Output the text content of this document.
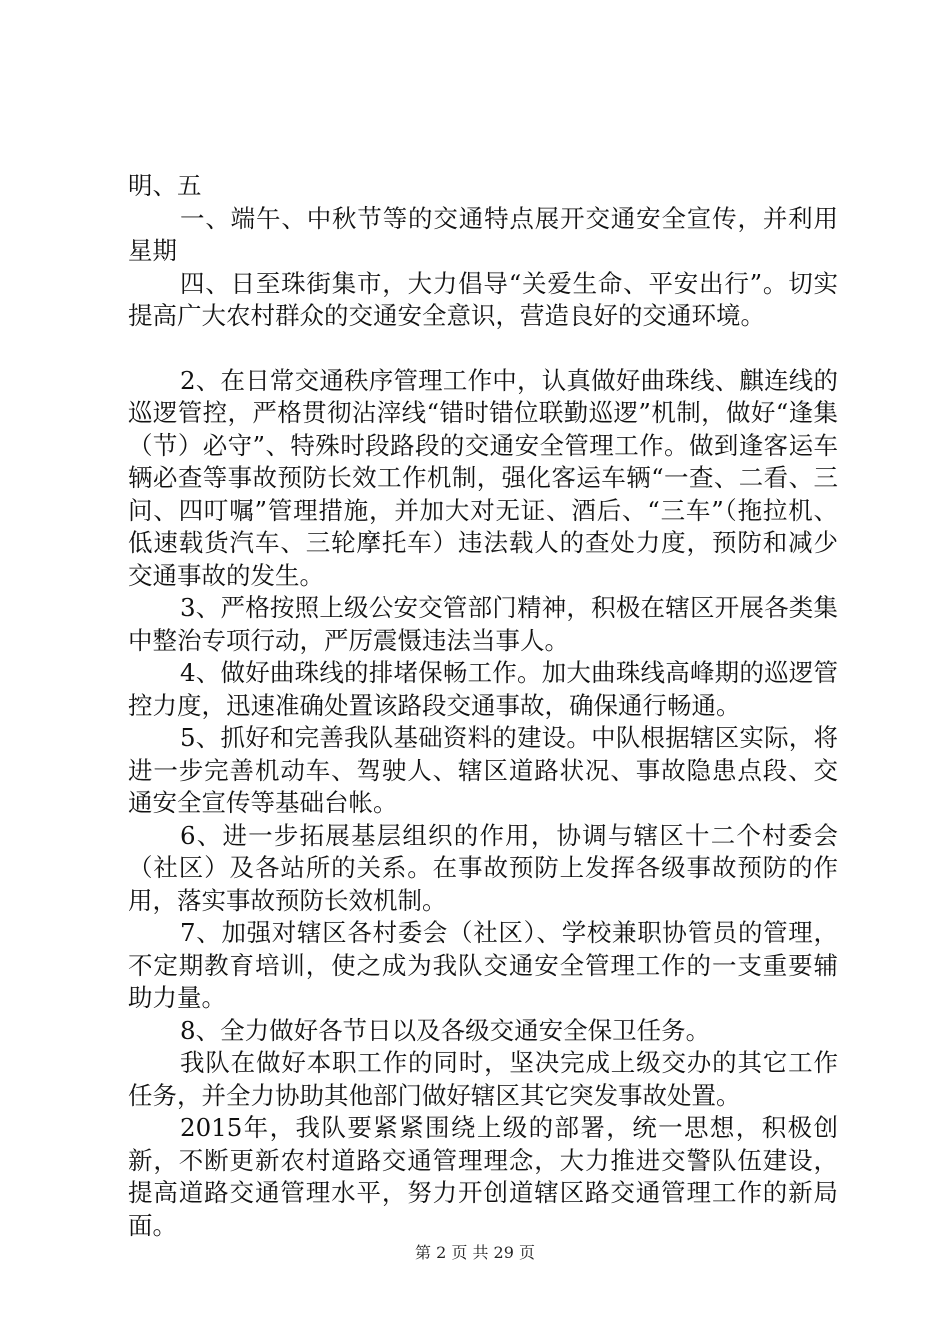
明、五

一、端午、中秋节等的交通特点展开交通安全宣传，并利用星期

四、日至珠街集市，大力倡导“关爱生命、平安出行”。切实提高广大农村群众的交通安全意识，营造良好的交通环境。

2、在日常交通秩序管理工作中，认真做好曲珠线、麒连线的巡逻管控，严格贯彻沾滓线“错时错位联勤巡逻”机制，做好“逢集（节）必守”、特殊时段路段的交通安全管理工作。做到逢客运车辆必查等事故预防长效工作机制，强化客运车辆“一查、二看、三问、四叮嘱”管理措施，并加大对无证、酒后、“三车”（拖拉机、低速载货汽车、三轮摩托车）违法载人的查处力度，预防和减少交通事故的发生。

3、严格按照上级公安交管部门精神，积极在辖区开展各类集中整治专项行动，严厉震慑违法当事人。

4、做好曲珠线的排堵保畅工作。加大曲珠线高峰期的巡逻管控力度，迅速准确处置该路段交通事故，确保通行畅通。

5、抓好和完善我队基础资料的建设。中队根据辖区实际，将进一步完善机动车、驾驶人、辖区道路状况、事故隐患点段、交通安全宣传等基础台帐。

6、进一步拓展基层组织的作用，协调与辖区十二个村委会（社区）及各站所的关系。在事故预防上发挥各级事故预防的作用，落实事故预防长效机制。

7、加强对辖区各村委会（社区）、学校兼职协管员的管理，不定期教育培训，使之成为我队交通安全管理工作的一支重要辅助力量。

8、全力做好各节日以及各级交通安全保卫任务。

我队在做好本职工作的同时，坚决完成上级交办的其它工作任务，并全力协助其他部门做好辖区其它突发事故处置。

2015年，我队要紧紧围绕上级的部署，统一思想，积极创新，不断更新农村道路交通管理理念，大力推进交警队伍建设，提高道路交通管理水平，努力开创道辖区路交通管理工作的新局面。

第 2 页 共 29 页
